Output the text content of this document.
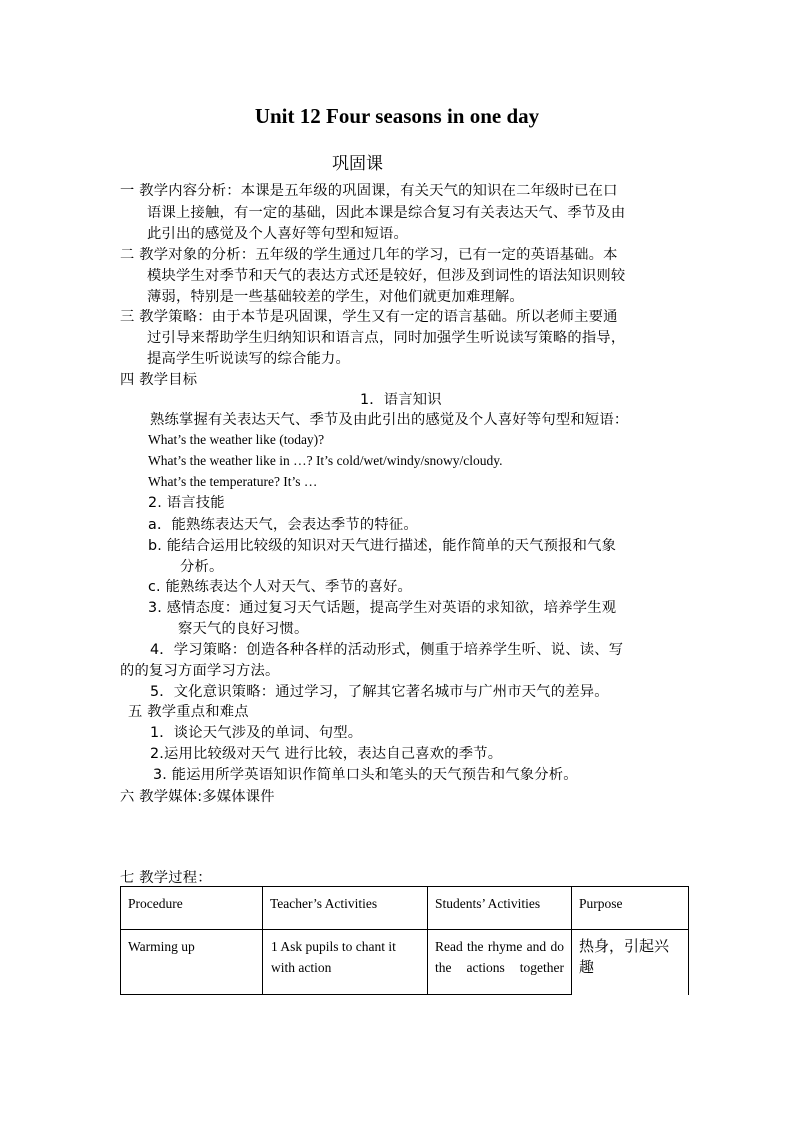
Unit 12 Four seasons in one day
巩固课
一 教学内容分析：本课是五年级的巩固课，有关天气的知识在二年级时已在口
语课上接触，有一定的基础，因此本课是综合复习有关表达天气、季节及由
此引出的感觉及个人喜好等句型和短语。
二 教学对象的分析：五年级的学生通过几年的学习，已有一定的英语基础。本
模块学生对季节和天气的表达方式还是较好，但涉及到词性的语法知识则较
薄弱，特别是一些基础较差的学生，对他们就更加难理解。
三 教学策略：由于本节是巩固课，学生又有一定的语言基础。所以老师主要通
过引导来帮助学生归纳知识和语言点，同时加强学生听说读写策略的指导，
提高学生听说读写的综合能力。
四 教学目标
1．语言知识
熟练掌握有关表达天气、季节及由此引出的感觉及个人喜好等句型和短语：
What’s the weather like (today)?
What’s the weather like in …? It’s cold/wet/windy/snowy/cloudy.
What’s the temperature? It’s …
2. 语言技能
a．能熟练表达天气，会表达季节的特征。
b. 能结合运用比较级的知识对天气进行描述，能作简单的天气预报和气象
分析。
c. 能熟练表达个人对天气、季节的喜好。
3. 感情态度：通过复习天气话题，提高学生对英语的求知欲，培养学生观
察天气的良好习惯。
4．学习策略：创造各种各样的活动形式，侧重于培养学生听、说、读、写
的的复习方面学习方法。
5．文化意识策略：通过学习，了解其它著名城市与广州市天气的差异。
五 教学重点和难点
1．谈论天气涉及的单词、句型。
2.运用比较级对天气 进行比较，表达自己喜欢的季节。
3. 能运用所学英语知识作简单口头和笔头的天气预告和气象分析。
六 教学媒体:多媒体课件
七 教学过程：
Procedure	Teacher’s Activities	Students’ Activities	Purpose
Warming up	1 Ask pupils to chant it with action	Read the rhyme and do the actions together	热身，引起兴趣
